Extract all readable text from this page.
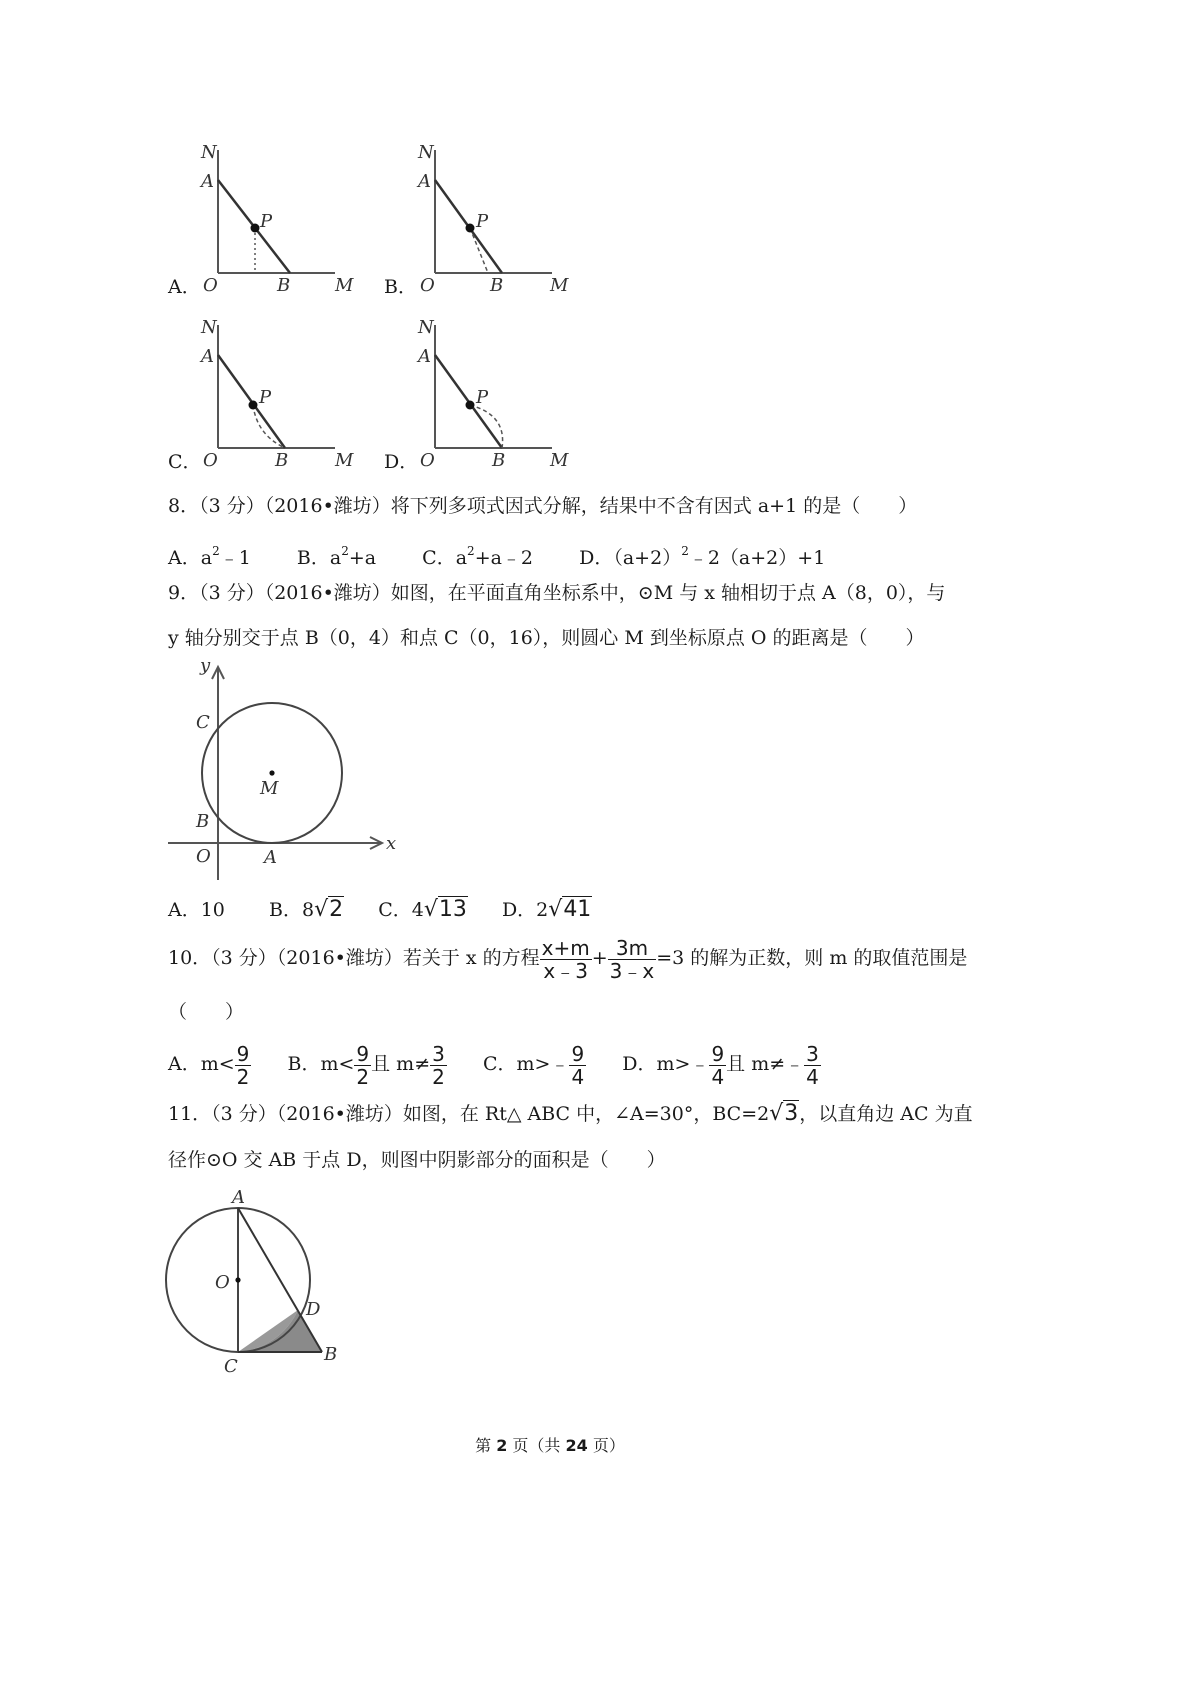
A．
N
A
P
O	B M B．
N
A
P
O	B	M
C．
N
A
P
O	B	M D．
N
A
P
O	B M
8．（3 分）（2016•潍坊）将下列多项式因式分解，结果中不含有因式 a+1 的是（　　）
A．$a^2﹣1$ B．$a^2+a$ C．$a^2+a﹣2$ D．$(a+2)^2﹣2(a+2)+1$
9．（3 分）（2016•潍坊）如图，在平面直角坐标系中，⊙M 与 x 轴相切于点 A（8，0），与
y 轴分别交于点 B（0，4）和点 C（0，16），则圆心 M 到坐标原点 O 的距离是（　　）
y
x
C
M
B
O	A
A．10 B．8√2 C．4√13 D．2√41
10．（3 分）（2016•潍坊）若关于 x 的方程 $\frac{x+m}{x﹣3} + \frac{3m}{3﹣x} =3$ 的解为正数，则 m 的取值范围是
（　　）
A．$m< \frac{9}{2}$ B．$m< \frac{9}{2}$ 且 $m\ne \frac{3}{2}$ C．m>﹣ $\frac{9}{4}$ D．m>﹣ $\frac{9}{4}$ 且 m≠﹣ $\frac{3}{4}$
11．（3 分）（2016•潍坊）如图，在 Rt△ ABC 中，∠A=30°，BC=2√3，以直角边 AC 为直
径作⊙O 交 AB 于点 D，则图中阴影部分的面积是（　　）
A
O
D
C
B
第 2 页（共 24 页）
